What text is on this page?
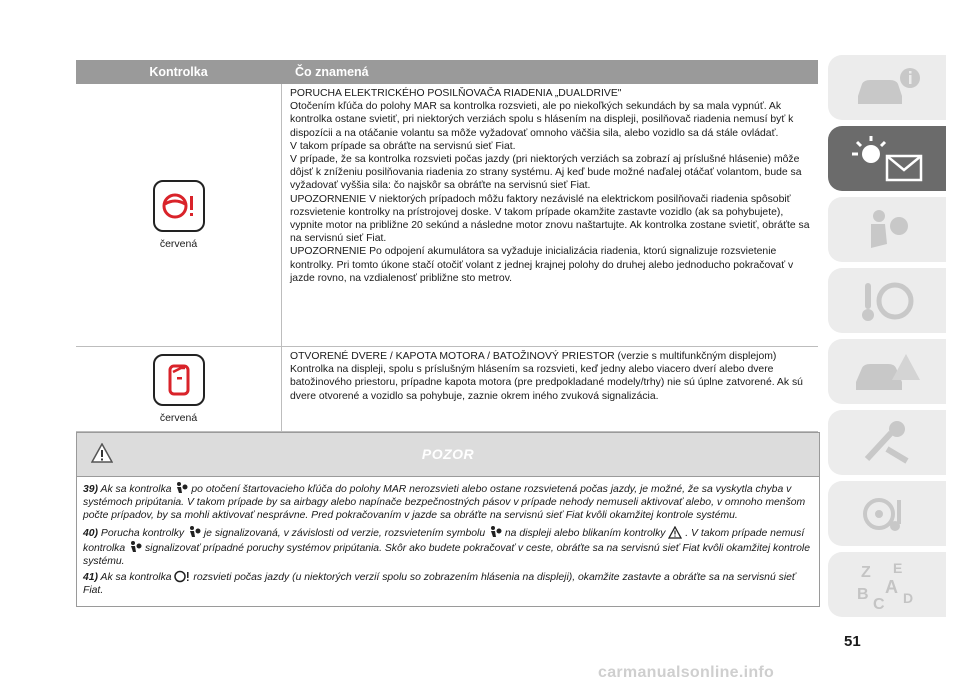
Kontrolka	Čo znamená
červená

PORUCHA ELEKTRICKÉHO POSILŇOVAČA RIADENIA „DUALDRIVE"

Otočením kľúča do polohy MAR sa kontrolka rozsvieti, ale po niekoľkých sekundách by sa mala vypnúť. Ak kontrolka ostane svietiť, pri niektorých verziách spolu s hlásením na displeji, posilňovač riadenia nemusí byť k dispozícii a na otáčanie volantu sa môže vyžadovať omnoho väčšia sila, alebo vozidlo sa dá stále ovládať.

V takom prípade sa obráťte na servisnú sieť Fiat.

V prípade, že sa kontrolka rozsvieti počas jazdy (pri niektorých verziách sa zobrazí aj príslušné hlásenie) môže dôjsť k zníženiu posilňovania riadenia zo strany systému. Aj keď bude možné naďalej otáčať volantom, bude sa vyžadovať vyššia sila: čo najskôr sa obráťte na servisnú sieť Fiat.

UPOZORNENIE V niektorých prípadoch môžu faktory nezávislé na elektrickom posilňovači riadenia spôsobiť rozsvietenie kontrolky na prístrojovej doske. V takom prípade okamžite zastavte vozidlo (ak sa pohybujete), vypnite motor na približne 20 sekúnd a následne motor znovu naštartujte. Ak kontrolka zostane svietiť, obráťte sa na servisnú sieť Fiat.

UPOZORNENIE Po odpojení akumulátora sa vyžaduje inicializácia riadenia, ktorú signalizuje rozsvietenie kontrolky. Pri tomto úkone stačí otočiť volant z jednej krajnej polohy do druhej alebo jednoducho pokračovať v jazde rovno, na vzdialenosť približne sto metrov.

červená

OTVORENÉ DVERE / KAPOTA MOTORA / BATOŽINOVÝ PRIESTOR (verzie s multifunkčným displejom)

Kontrolka na displeji, spolu s príslušným hlásením sa rozsvieti, keď jedny alebo viacero dverí alebo dvere batožinového priestoru, prípadne kapota motora (pre predpokladané modely/trhy) nie sú úplne zatvorené. Ak sú dvere otvorené a vozidlo sa pohybuje, zaznie okrem iného zvuková signalizácia.

POZOR

39) Ak sa kontrolka po otočení štartovacieho kľúča do polohy MAR nerozsvieti alebo ostane rozsvietená počas jazdy, je možné, že sa vyskytla chyba v systémoch pripútania. V takom prípade by sa airbagy alebo napínače bezpečnostných pásov v prípade nehody nemuseli aktivovať alebo, v omnoho menšom počte prípadov, by sa mohli aktivovať nesprávne. Pred pokračovaním v jazde sa obráťte na servisnú sieť Fiat kvôli okamžitej kontrole systému.

40) Porucha kontrolky je signalizovaná, v závislosti od verzie, rozsvietením symbolu na displeji alebo blikaním kontrolky . V takom prípade nemusí kontrolka signalizovať prípadné poruchy systémov pripútania. Skôr ako budete pokračovať v ceste, obráťte sa na servisnú sieť Fiat kvôli okamžitej kontrole systému.

41) Ak sa kontrolka rozsvieti počas jazdy (u niektorých verzií spolu so zobrazením hlásenia na displeji), okamžite zastavte a obráťte sa na servisnú sieť Fiat.

Z E
B A
C D
51
carmanualsonline.info
